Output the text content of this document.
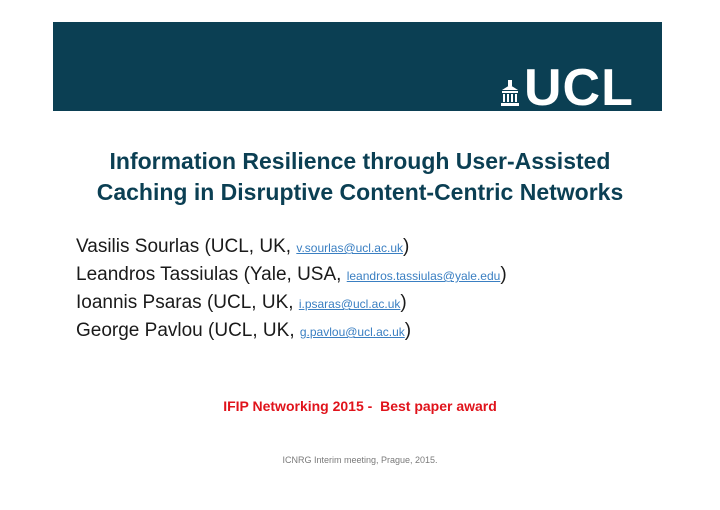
UCL
Information Resilience through User-Assisted
Caching in Disruptive Content-Centric Networks
Vasilis Sourlas (UCL, UK, v.sourlas@ucl.ac.uk)
Leandros Tassiulas (Yale, USA, leandros.tassiulas@yale.edu)
Ioannis Psaras (UCL, UK, i.psaras@ucl.ac.uk)
George Pavlou (UCL, UK, g.pavlou@ucl.ac.uk)
IFIP Networking 2015 -  Best paper award
ICNRG Interim meeting, Prague, 2015.
